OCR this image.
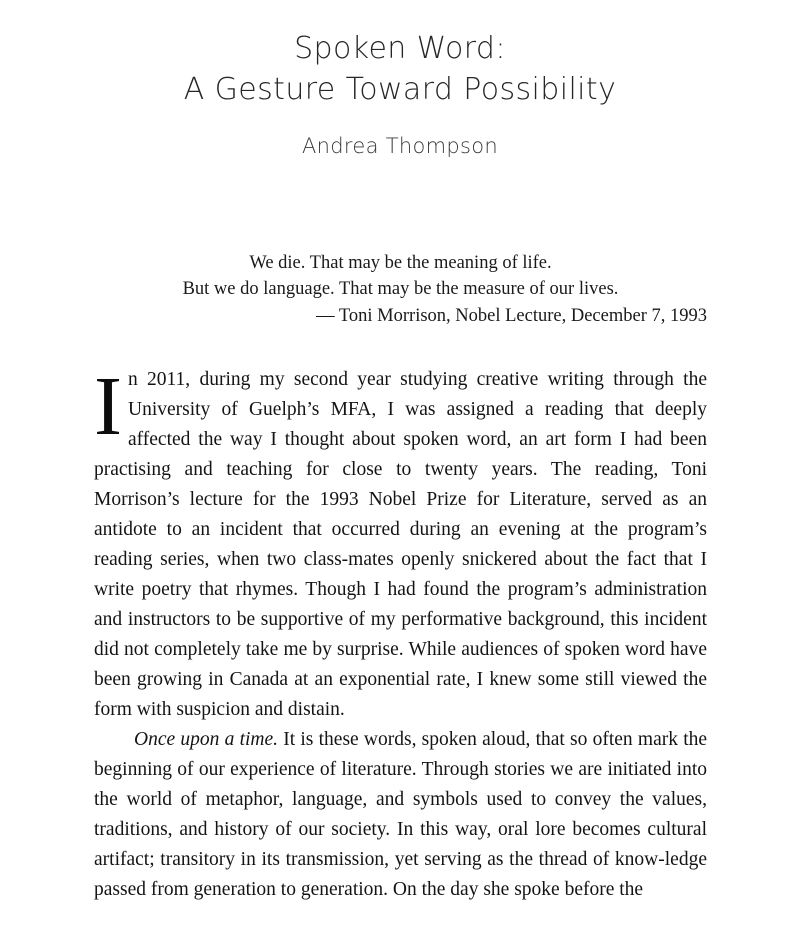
Spoken Word:
A Gesture Toward Possibility

Andrea Thompson

We die. That may be the meaning of life.
But we do language. That may be the measure of our lives.
— Toni Morrison, Nobel Lecture, December 7, 1993

In 2011, during my second year studying creative writing through the University of Guelph’s MFA, I was assigned a reading that deeply affected the way I thought about spoken word, an art form I had been practising and teaching for close to twenty years. The reading, Toni Morrison’s lecture for the 1993 Nobel Prize for Literature, served as an antidote to an incident that occurred during an evening at the program’s reading series, when two class-mates openly snickered about the fact that I write poetry that rhymes. Though I had found the program’s administration and instructors to be supportive of my performative background, this incident did not completely take me by surprise. While audiences of spoken word have been growing in Canada at an exponential rate, I knew some still viewed the form with suspicion and distain.

Once upon a time. It is these words, spoken aloud, that so often mark the beginning of our experience of literature. Through stories we are initiated into the world of metaphor, language, and symbols used to convey the values, traditions, and history of our society. In this way, oral lore becomes cultural artifact; transitory in its transmission, yet serving as the thread of know-ledge passed from generation to generation. On the day she spoke before the
